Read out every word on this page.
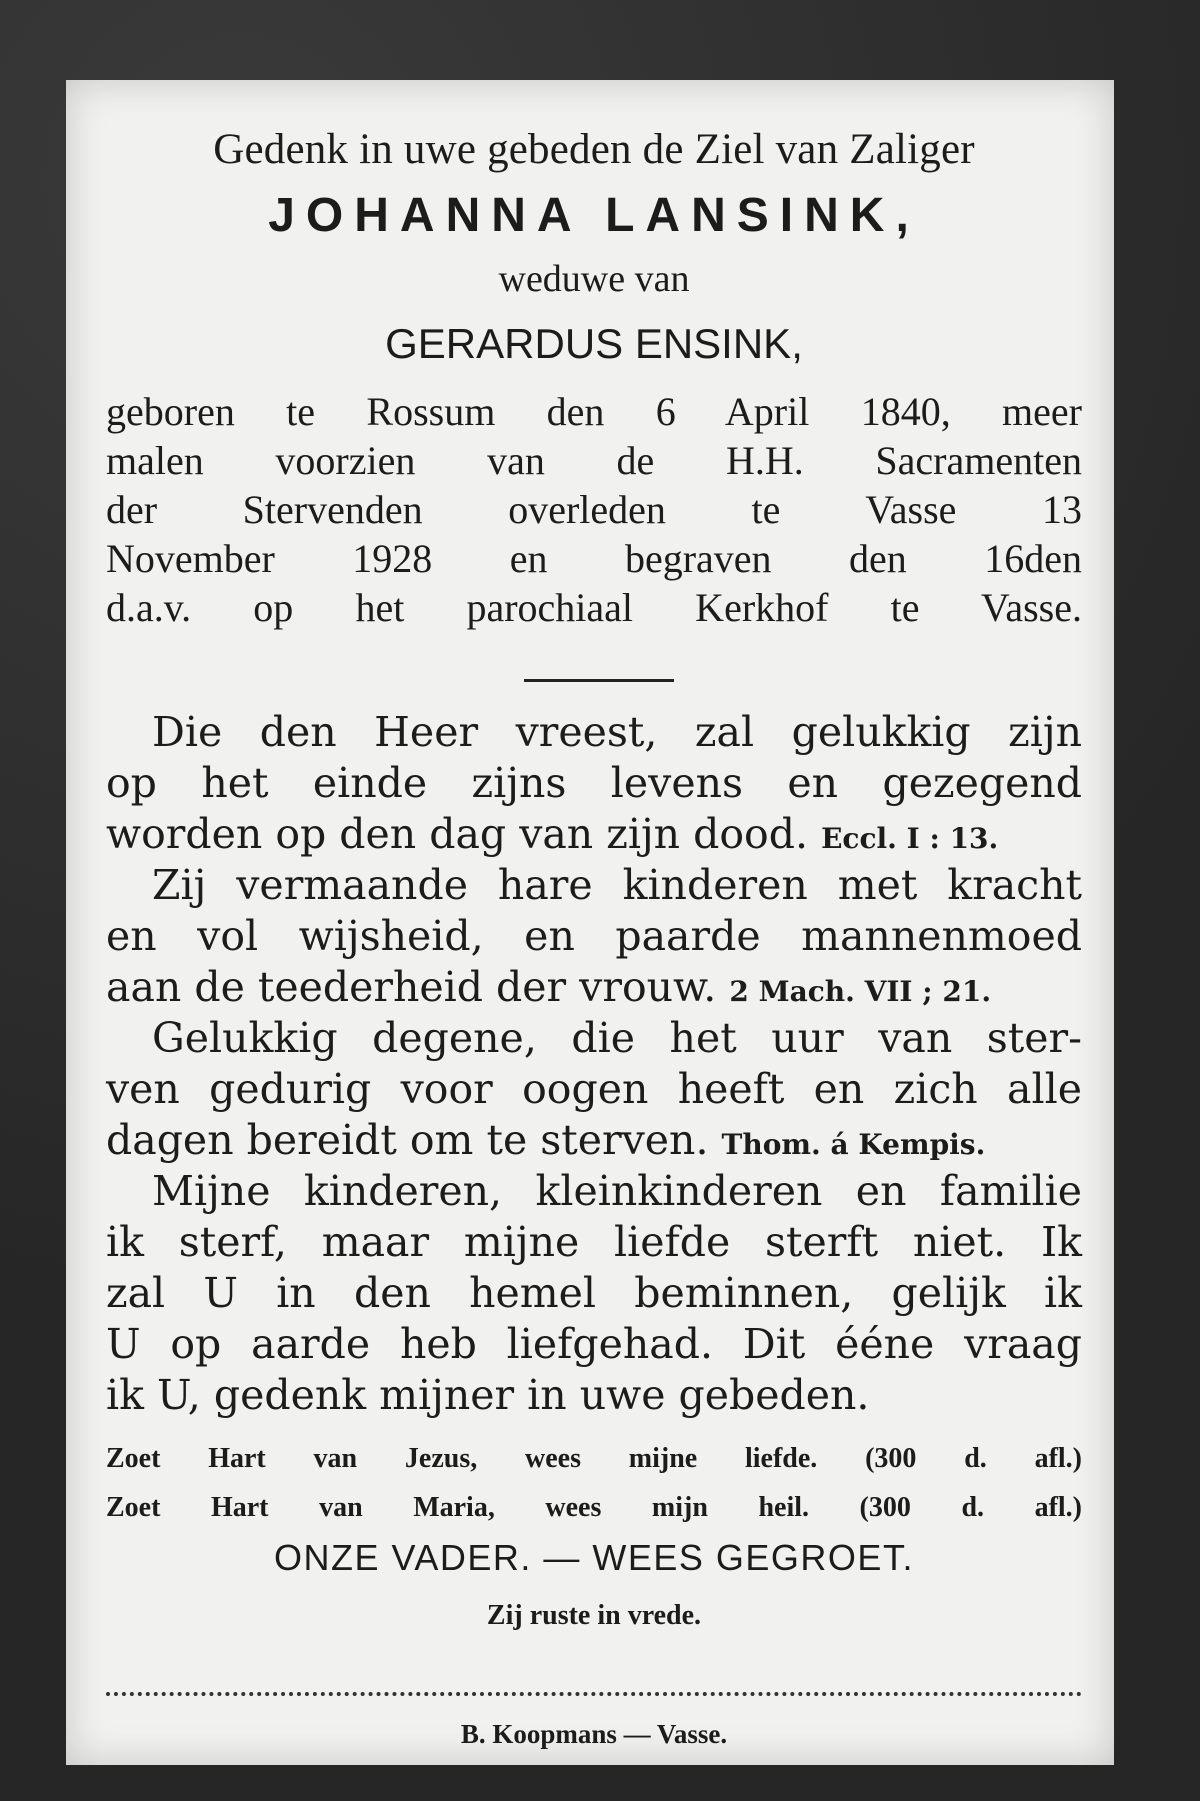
Gedenk in uwe gebeden de Ziel van Zaliger
JOHANNA LANSINK,
weduwe van
GERARDUS ENSINK,
geboren te Rossum den 6 April 1840, meer
malen voorzien van de H.H. Sacramenten
der Stervenden overleden te Vasse 13
November 1928 en begraven den 16den
d.a.v. op het parochiaal Kerkhof te Vasse.
Die den Heer vreest, zal gelukkig zijn
op het einde zijns levens en gezegend
worden op den dag van zijn dood. Eccl. I : 13.
Zij vermaande hare kinderen met kracht
en vol wijsheid, en paarde mannenmoed
aan de teederheid der vrouw. 2 Mach. VII ; 21.
Gelukkig degene, die het uur van ster-
ven gedurig voor oogen heeft en zich alle
dagen bereidt om te sterven. Thom. á Kempis.
Mijne kinderen, kleinkinderen en familie
ik sterf, maar mijne liefde sterft niet. Ik
zal U in den hemel beminnen, gelijk ik
U op aarde heb liefgehad. Dit ééne vraag
ik U, gedenk mijner in uwe gebeden.
Zoet Hart van Jezus, wees mijne liefde. (300 d. afl.)
Zoet Hart van Maria, wees mijn heil. (300 d. afl.)
ONZE VADER. — WEES GEGROET.
Zij ruste in vrede.
B. Koopmans — Vasse.
